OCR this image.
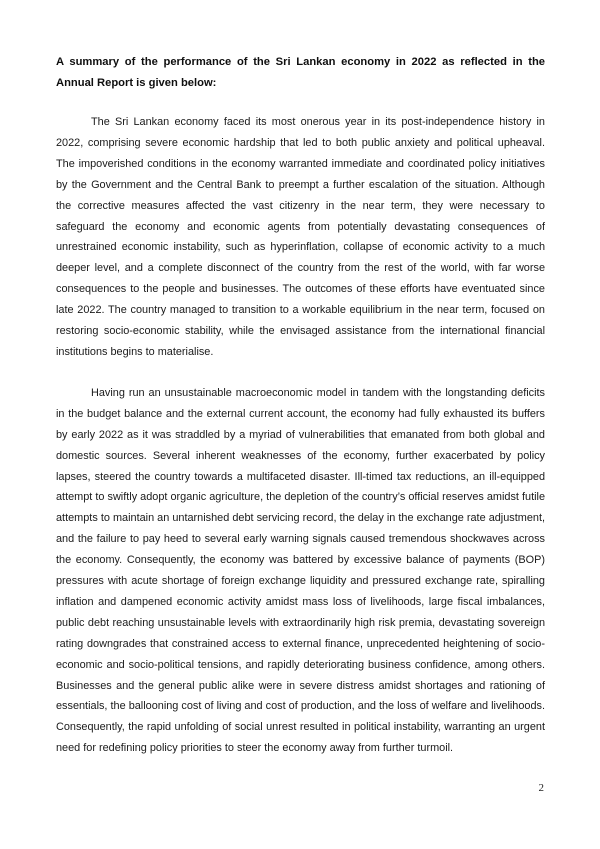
A summary of the performance of the Sri Lankan economy in 2022 as reflected in the Annual Report is given below:

The Sri Lankan economy faced its most onerous year in its post-independence history in 2022, comprising severe economic hardship that led to both public anxiety and political upheaval. The impoverished conditions in the economy warranted immediate and coordinated policy initiatives by the Government and the Central Bank to preempt a further escalation of the situation. Although the corrective measures affected the vast citizenry in the near term, they were necessary to safeguard the economy and economic agents from potentially devastating consequences of unrestrained economic instability, such as hyperinflation, collapse of economic activity to a much deeper level, and a complete disconnect of the country from the rest of the world, with far worse consequences to the people and businesses. The outcomes of these efforts have eventuated since late 2022. The country managed to transition to a workable equilibrium in the near term, focused on restoring socio-economic stability, while the envisaged assistance from the international financial institutions begins to materialise.

Having run an unsustainable macroeconomic model in tandem with the longstanding deficits in the budget balance and the external current account, the economy had fully exhausted its buffers by early 2022 as it was straddled by a myriad of vulnerabilities that emanated from both global and domestic sources. Several inherent weaknesses of the economy, further exacerbated by policy lapses, steered the country towards a multifaceted disaster. Ill-timed tax reductions, an ill-equipped attempt to swiftly adopt organic agriculture, the depletion of the country’s official reserves amidst futile attempts to maintain an untarnished debt servicing record, the delay in the exchange rate adjustment, and the failure to pay heed to several early warning signals caused tremendous shockwaves across the economy. Consequently, the economy was battered by excessive balance of payments (BOP) pressures with acute shortage of foreign exchange liquidity and pressured exchange rate, spiralling inflation and dampened economic activity amidst mass loss of livelihoods, large fiscal imbalances, public debt reaching unsustainable levels with extraordinarily high risk premia, devastating sovereign rating downgrades that constrained access to external finance, unprecedented heightening of socio-economic and socio-political tensions, and rapidly deteriorating business confidence, among others. Businesses and the general public alike were in severe distress amidst shortages and rationing of essentials, the ballooning cost of living and cost of production, and the loss of welfare and livelihoods. Consequently, the rapid unfolding of social unrest resulted in political instability, warranting an urgent need for redefining policy priorities to steer the economy away from further turmoil.

2
